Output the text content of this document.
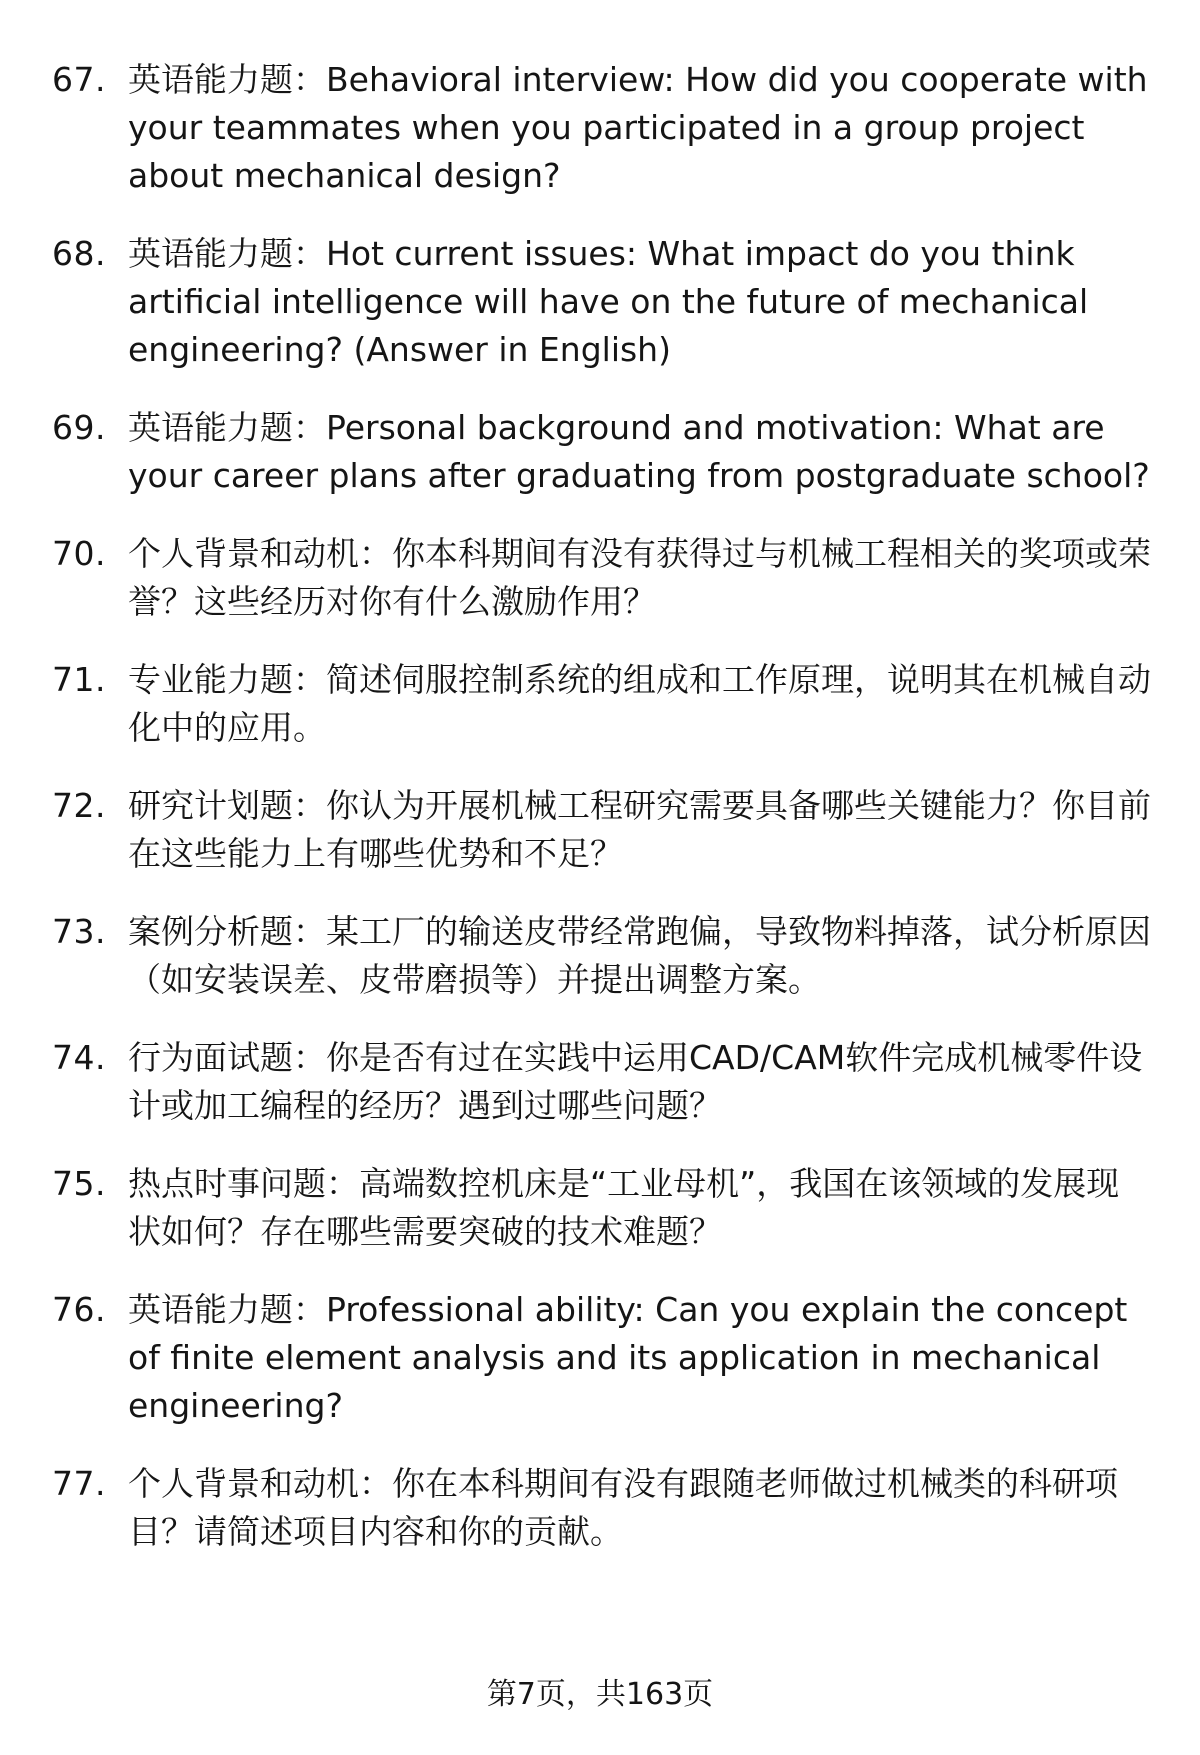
67. 英语能力题：Behavioral interview: How did you cooperate with your teammates when you participated in a group project about mechanical design?
68. 英语能力题：Hot current issues: What impact do you think artificial intelligence will have on the future of mechanical engineering? (Answer in English)
69. 英语能力题：Personal background and motivation: What are your career plans after graduating from postgraduate school?
70. 个人背景和动机：你本科期间有没有获得过与机械工程相关的奖项或荣誉？这些经历对你有什么激励作用？
71. 专业能力题：简述伺服控制系统的组成和工作原理，说明其在机械自动化中的应用。
72. 研究计划题：你认为开展机械工程研究需要具备哪些关键能力？你目前在这些能力上有哪些优势和不足？
73. 案例分析题：某工厂的输送皮带经常跑偏，导致物料掉落，试分析原因（如安装误差、皮带磨损等）并提出调整方案。
74. 行为面试题：你是否有过在实践中运用CAD/CAM软件完成机械零件设计或加工编程的经历？遇到过哪些问题？
75. 热点时事问题：高端数控机床是“工业母机”，我国在该领域的发展现状如何？存在哪些需要突破的技术难题？
76. 英语能力题：Professional ability: Can you explain the concept of finite element analysis and its application in mechanical engineering?
77. 个人背景和动机：你在本科期间有没有跟随老师做过机械类的科研项目？请简述项目内容和你的贡献。
第7页，共163页
